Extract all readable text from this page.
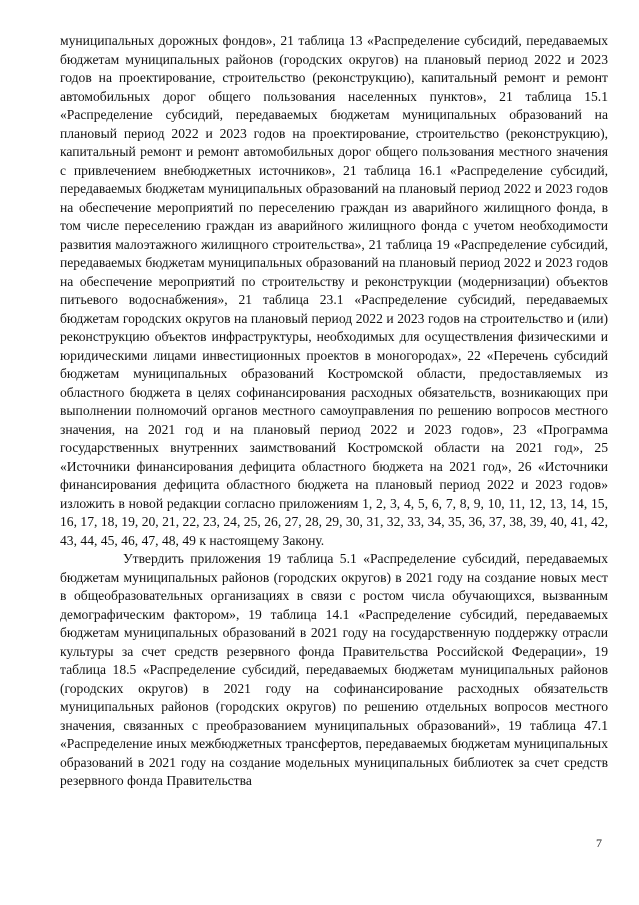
муниципальных дорожных фондов», 21 таблица 13 «Распределение субсидий, передаваемых бюджетам муниципальных районов (городских округов) на плановый период 2022 и 2023 годов на проектирование, строительство (реконструкцию), капитальный ремонт и ремонт автомобильных дорог общего пользования населенных пунктов», 21 таблица 15.1 «Распределение субсидий, передаваемых бюджетам муниципальных образований на плановый период 2022 и 2023 годов на проектирование, строительство (реконструкцию), капитальный ремонт и ремонт автомобильных дорог общего пользования местного значения с привлечением внебюджетных источников», 21 таблица 16.1 «Распределение субсидий, передаваемых бюджетам муниципальных образований на плановый период 2022 и 2023 годов на обеспечение мероприятий по переселению граждан из аварийного жилищного фонда, в том числе переселению граждан из аварийного жилищного фонда с учетом необходимости развития малоэтажного жилищного строительства», 21 таблица 19 «Распределение субсидий, передаваемых бюджетам муниципальных образований на плановый период 2022 и 2023 годов на обеспечение мероприятий по строительству и реконструкции (модернизации) объектов питьевого водоснабжения», 21 таблица 23.1 «Распределение субсидий, передаваемых бюджетам городских округов на плановый период 2022 и 2023 годов на строительство и (или) реконструкцию объектов инфраструктуры, необходимых для осуществления физическими и юридическими лицами инвестиционных проектов в моногородах», 22 «Перечень субсидий бюджетам муниципальных образований Костромской области, предоставляемых из областного бюджета в целях софинансирования расходных обязательств, возникающих при выполнении полномочий органов местного самоуправления по решению вопросов местного значения, на 2021 год и на плановый период 2022 и 2023 годов», 23 «Программа государственных внутренних заимствований Костромской области на 2021 год», 25 «Источники финансирования дефицита областного бюджета на 2021 год», 26 «Источники финансирования дефицита областного бюджета на плановый период 2022 и 2023 годов» изложить в новой редакции согласно приложениям 1, 2, 3, 4, 5, 6, 7, 8, 9, 10, 11, 12, 13, 14, 15, 16, 17, 18, 19, 20, 21, 22, 23, 24, 25, 26, 27, 28, 29, 30, 31, 32, 33, 34, 35, 36, 37, 38, 39, 40, 41, 42, 43, 44, 45, 46, 47, 48, 49 к настоящему Закону.

Утвердить приложения 19 таблица 5.1 «Распределение субсидий, передаваемых бюджетам муниципальных районов (городских округов) в 2021 году на создание новых мест в общеобразовательных организациях в связи с ростом числа обучающихся, вызванным демографическим фактором», 19 таблица 14.1 «Распределение субсидий, передаваемых бюджетам муниципальных образований в 2021 году на государственную поддержку отрасли культуры за счет средств резервного фонда Правительства Российской Федерации», 19 таблица 18.5 «Распределение субсидий, передаваемых бюджетам муниципальных районов (городских округов) в 2021 году на софинансирование расходных обязательств муниципальных районов (городских округов) по решению отдельных вопросов местного значения, связанных с преобразованием муниципальных образований», 19 таблица 47.1 «Распределение иных межбюджетных трансфертов, передаваемых бюджетам муниципальных образований в 2021 году на создание модельных муниципальных библиотек за счет средств резервного фонда Правительства

7
